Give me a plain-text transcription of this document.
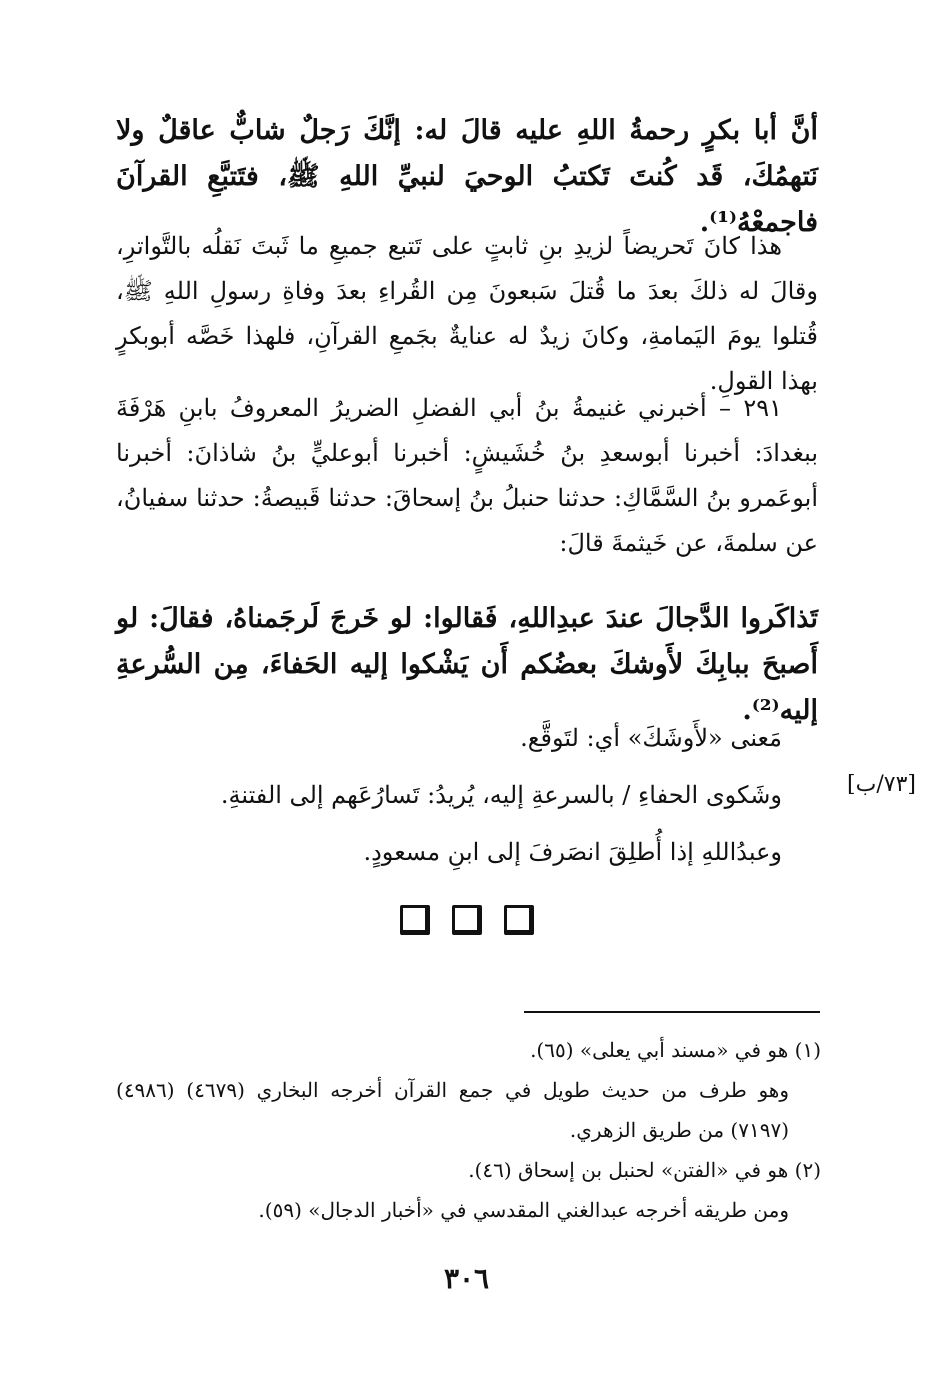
أنَّ أبا بكرٍ رحمةُ اللهِ عليه قالَ له: إنَّكَ رَجلٌ شابٌّ عاقلٌ ولا نَتهمُكَ، قَد كُنتَ تَكتبُ الوحيَ لنبيِّ اللهِ ﷺ، فتَتبَّعِ القرآنَ فاجمعْهُ⁽¹⁾.
هذا كانَ تَحريضاً لزيدِ بنِ ثابتٍ على تَتبع جميعِ ما ثَبتَ نَقلُه بالتَّواترِ، وقالَ له ذلكَ بعدَ ما قُتلَ سَبعونَ مِن القُراءِ بعدَ وفاةِ رسولِ اللهِ ﷺ، قُتلوا يومَ اليَمامةِ، وكانَ زيدٌ له عنايةٌ بجَمعِ القرآنِ، فلهذا خَصَّه أبوبكرٍ بهذا القولِ.
٢٩١ – أخبرني غنيمةُ بنُ أبي الفضلِ الضريرُ المعروفُ بابنِ هَرْفَةَ ببغدادَ: أخبرنا أبوسعدِ بنُ خُشَيشٍ: أخبرنا أبوعليٍّ بنُ شاذانَ: أخبرنا أبوعَمرو بنُ السَّمَّاكِ: حدثنا حنبلُ بنُ إسحاقَ: حدثنا قَبيصةُ: حدثنا سفيانُ، عن سلمةَ، عن خَيثمةَ قالَ:
تَذاكَروا الدَّجالَ عندَ عبدِاللهِ، فَقالوا: لو خَرجَ لَرجَمناهُ، فقالَ: لو أَصبحَ ببابِكَ لأَوشكَ بعضُكم أَن يَشْكوا إليه الحَفاءَ، مِن السُّرعةِ إليه⁽²⁾.
مَعنى «لأَوشَكَ» أي: لتَوقَّع.
وشَكوى الحفاءِ / بالسرعةِ إليه، يُريدُ: تَسارُعَهم إلى الفتنةِ.
وعبدُاللهِ إذا أُطلِقَ انصَرفَ إلى ابنِ مسعودٍ.
[٧٣/ب]
(١) هو في «مسند أبي يعلى» (٦٥).
وهو طرف من حديث طويل في جمع القرآن أخرجه البخاري (٤٦٧٩) (٤٩٨٦) (٧١٩٧) من طريق الزهري.
(٢) هو في «الفتن» لحنبل بن إسحاق (٤٦).
ومن طريقه أخرجه عبدالغني المقدسي في «أخبار الدجال» (٥٩).
٣٠٦
